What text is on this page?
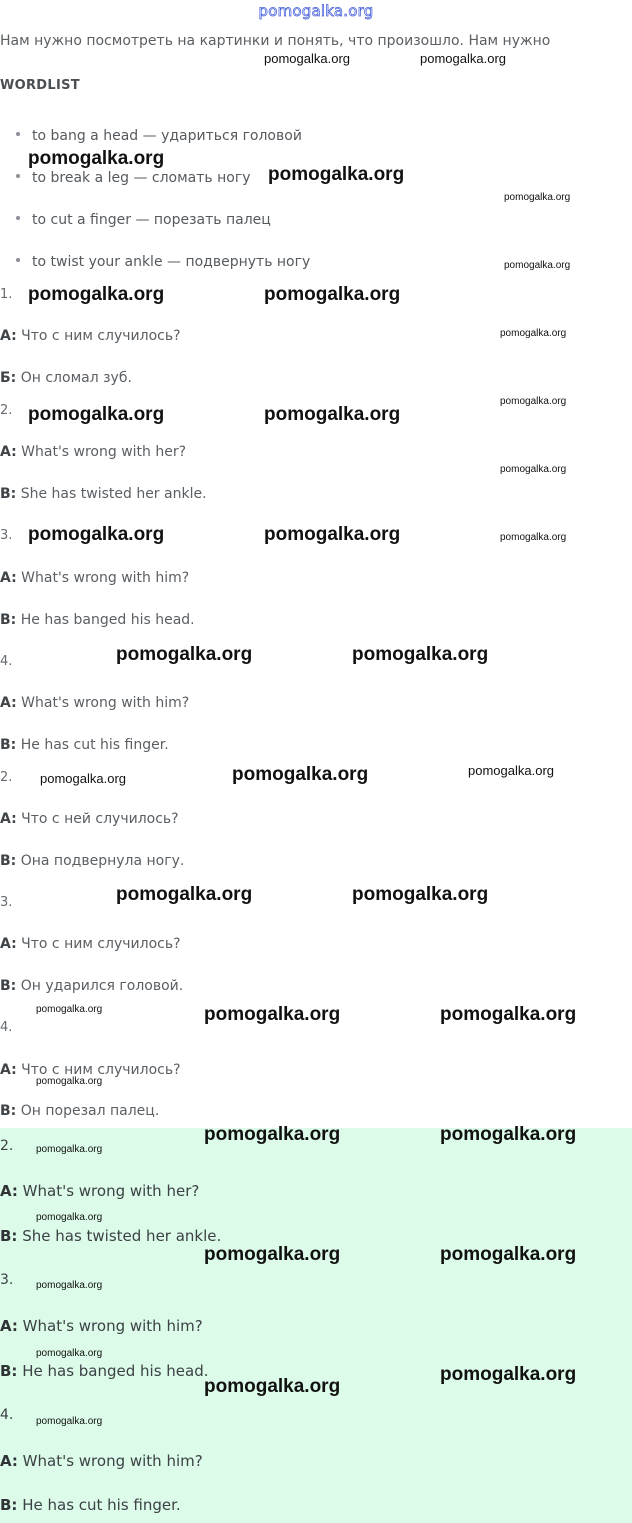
pomogalka.org
Нам нужно посмотреть на картинки и понять, что произошло. Нам нужно
WORDLIST
to bang a head — удариться головой
to break a leg — сломать ногу
to cut a finger — порезать палец
to twist your ankle — подвернуть ногу
1.
A: Что с ним случилось?
Б: Он сломал зуб.
2.
A: What's wrong with her?
B: She has twisted her ankle.
3.
A: What's wrong with him?
B: He has banged his head.
4.
A: What's wrong with him?
B: He has cut his finger.
2.
A: Что с ней случилось?
B: Она подвернула ногу.
3.
A: Что с ним случилось?
B: Он ударился головой.
4.
A: Что с ним случилось?
B: Он порезал палец.
2.
A: What's wrong with her?
B: She has twisted her ankle.
3.
A: What's wrong with him?
B: He has banged his head.
4.
A: What's wrong with him?
B: He has cut his finger.
pomogalka.org	pomogalka.org
pomogalka.org
pomogalka.org
pomogalka.org
pomogalka.org
pomogalka.org	pomogalka.org
pomogalka.org
pomogalka.org
pomogalka.org	pomogalka.org
pomogalka.org
pomogalka.org	pomogalka.org	pomogalka.org
pomogalka.org	pomogalka.org
pomogalka.org	pomogalka.org	pomogalka.org
pomogalka.org	pomogalka.org
pomogalka.org	pomogalka.org	pomogalka.org
pomogalka.org
pomogalka.org	pomogalka.org
pomogalka.org
pomogalka.org
pomogalka.org	pomogalka.org
pomogalka.org
pomogalka.org
pomogalka.org
pomogalka.org
pomogalka.org
